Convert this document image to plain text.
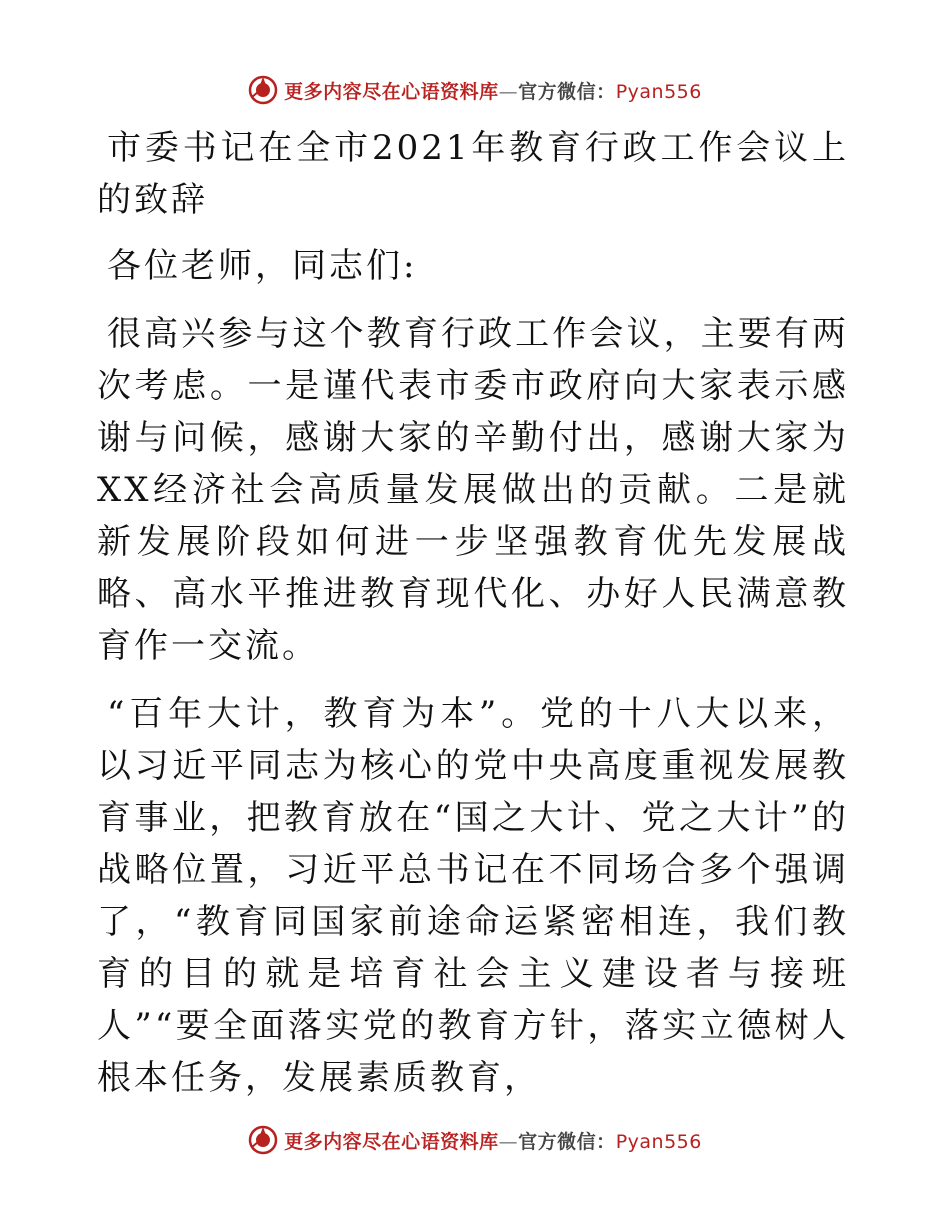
更多内容尽在心语资料库—官方微信：Pyan556

市委书记在全市2021年教育行政工作会议上的致辞

各位老师，同志们:

很高兴参与这个教育行政工作会议，主要有两次考虑。一是谨代表市委市政府向大家表示感谢与问候，感谢大家的辛勤付出，感谢大家为XX经济社会高质量发展做出的贡献。二是就新发展阶段如何进一步坚强教育优先发展战略、高水平推进教育现代化、办好人民满意教育作一交流。

“百年大计，教育为本”。党的十八大以来，以习近平同志为核心的党中央高度重视发展教育事业，把教育放在“国之大计、党之大计”的战略位置，习近平总书记在不同场合多个强调了，“教育同国家前途命运紧密相连，我们教育的目的就是培育社会主义建设者与接班人”“要全面落实党的教育方针，落实立德树人根本任务，发展素质教育，

更多内容尽在心语资料库—官方微信：Pyan556
